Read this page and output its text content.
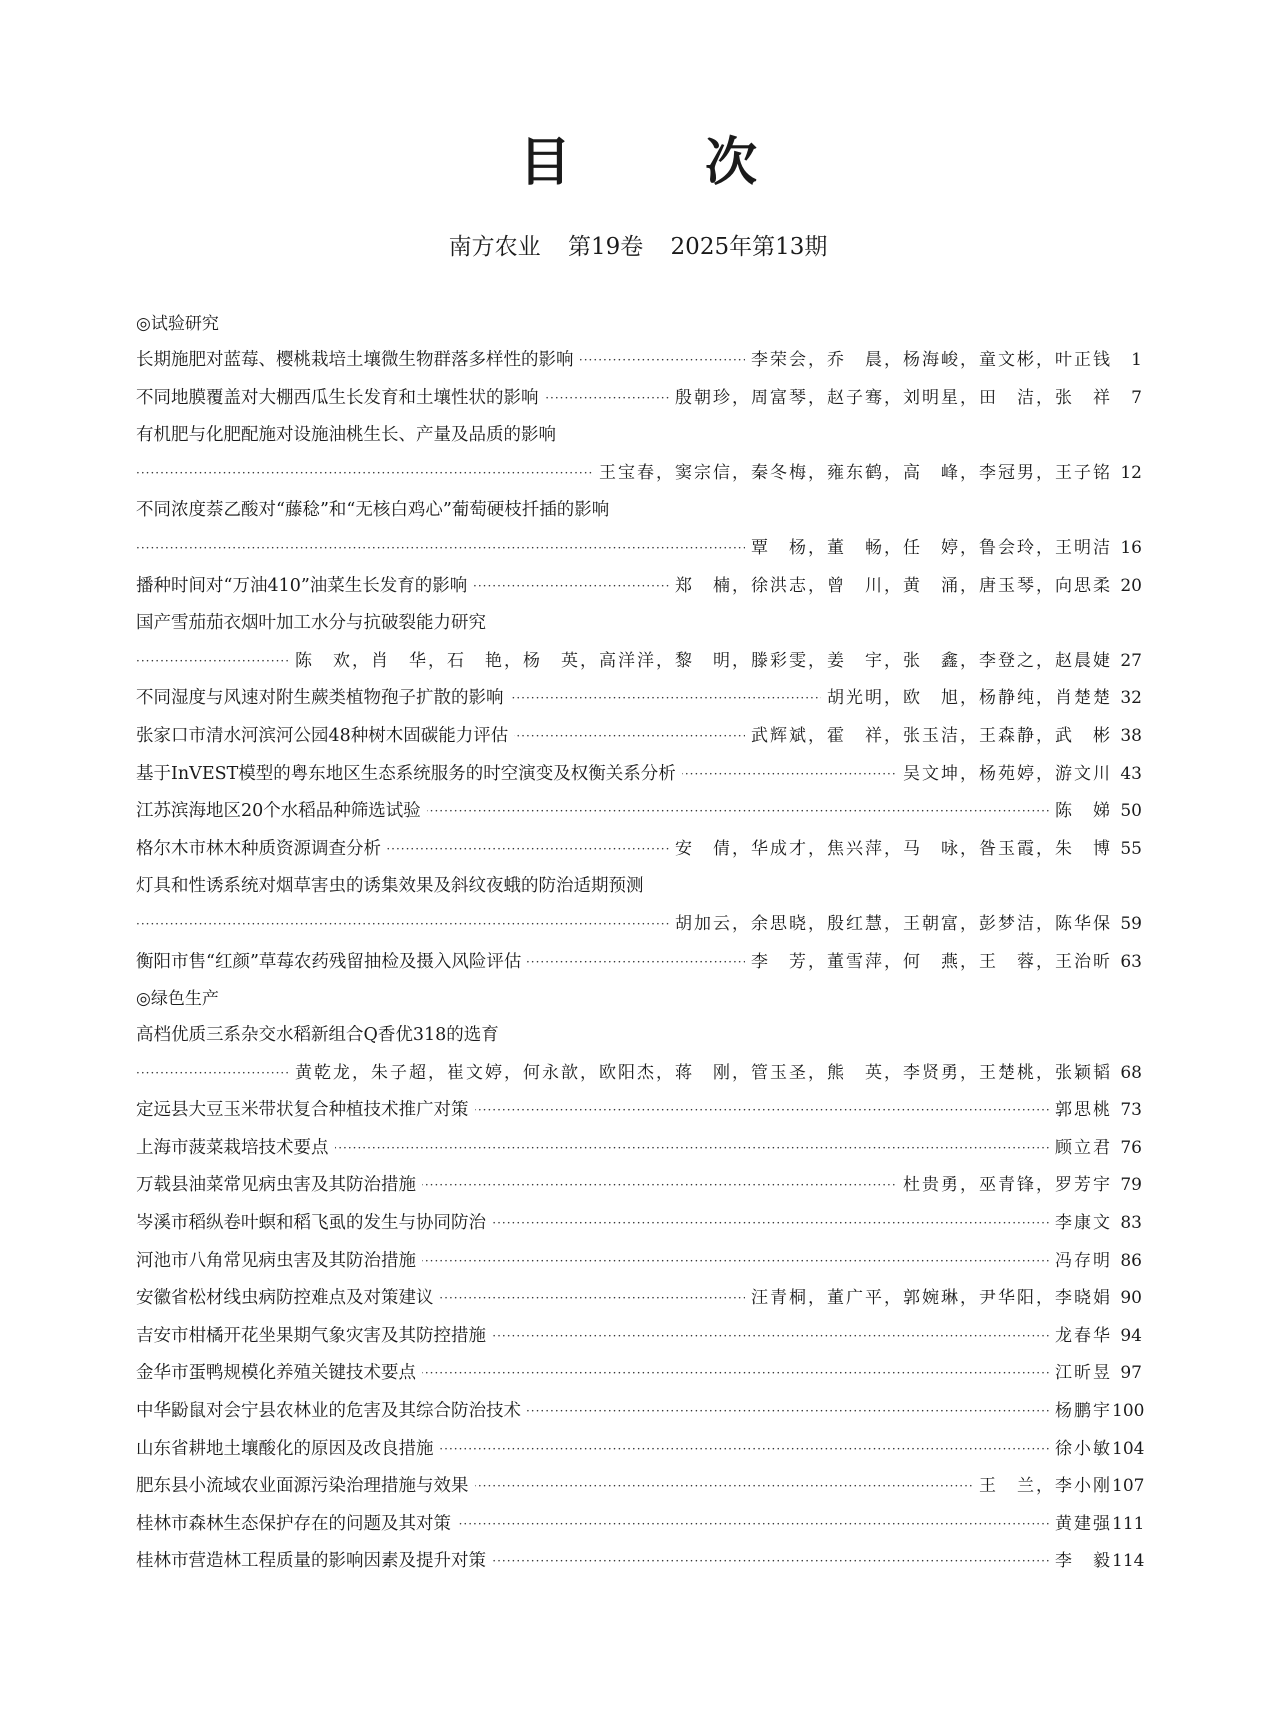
目 次
南方农业 第19卷 2025年第13期
◎试验研究
·····
长期施肥对蓝莓、樱桃栽培土壤微生物群落多样性的影响	李荣会，乔　晨，杨海峻，童文彬，叶正钱	1
·····
不同地膜覆盖对大棚西瓜生长发育和土壤性状的影响	殷朝珍，周富琴，赵子骞，刘明星，田　洁，张　祥	7
有机肥与化肥配施对设施油桃生长、产量及品质的影响
·····
王宝春，窦宗信，秦冬梅，雍东鹤，高　峰，李冠男，王子铭 12
不同浓度萘乙酸对“藤稔”和“无核白鸡心”葡萄硬枝扦插的影响
·····
覃　杨，董　畅，任　婷，鲁会玲，王明洁 16
·····
播种时间对“万油410”油菜生长发育的影响	郑　楠，徐洪志，曾　川，黄　涌，唐玉琴，向思柔 20
国产雪茄茄衣烟叶加工水分与抗破裂能力研究
·····
陈　欢，肖　华，石　艳，杨　英，高洋洋，黎　明，滕彩雯，姜　宇，张　鑫，李登之，赵晨婕 27
·····
不同湿度与风速对附生蕨类植物孢子扩散的影响	胡光明，欧　旭，杨静纯，肖楚楚 32
·····
张家口市清水河滨河公园48种树木固碳能力评估	武辉斌，霍　祥，张玉洁，王森静，武　彬 38
·····
基于InVEST模型的粤东地区生态系统服务的时空演变及权衡关系分析	吴文坤，杨苑婷，游文川 43
·····
江苏滨海地区20个水稻品种筛选试验	陈　娣 50
·····
格尔木市林木种质资源调查分析	安　倩，华成才，焦兴萍，马　咏，昝玉霞，朱　博 55
灯具和性诱系统对烟草害虫的诱集效果及斜纹夜蛾的防治适期预测
·····
胡加云，余思晓，殷红慧，王朝富，彭梦洁，陈华保 59
·····
衡阳市售“红颜”草莓农药残留抽检及摄入风险评估	李　芳，董雪萍，何　燕，王　蓉，王治昕 63
◎绿色生产
高档优质三系杂交水稻新组合Q香优318的选育
·····
黄乾龙，朱子超，崔文婷，何永歆，欧阳杰，蒋　刚，管玉圣，熊　英，李贤勇，王楚桃，张颖韬 68
·····
定远县大豆玉米带状复合种植技术推广对策	郭思桃 73
·····
上海市菠菜栽培技术要点	顾立君 76
·····
万载县油菜常见病虫害及其防治措施	杜贵勇，巫青锋，罗芳宇 79
·····
岑溪市稻纵卷叶螟和稻飞虱的发生与协同防治	李康文 83
·····
河池市八角常见病虫害及其防治措施	冯存明 86
·····
安徽省松材线虫病防控难点及对策建议	汪青桐，董广平，郭婉琳，尹华阳，李晓娟 90
·····
吉安市柑橘开花坐果期气象灾害及其防控措施	龙春华 94
·····
金华市蛋鸭规模化养殖关键技术要点	江昕昱 97
·····
中华鼢鼠对会宁县农林业的危害及其综合防治技术	杨鹏宇 100
·····
山东省耕地土壤酸化的原因及改良措施	徐小敏 104
·····
肥东县小流域农业面源污染治理措施与效果	王　兰，李小刚 107
·····
桂林市森林生态保护存在的问题及其对策	黄建强 111
·····
桂林市营造林工程质量的影响因素及提升对策	李　毅 114
